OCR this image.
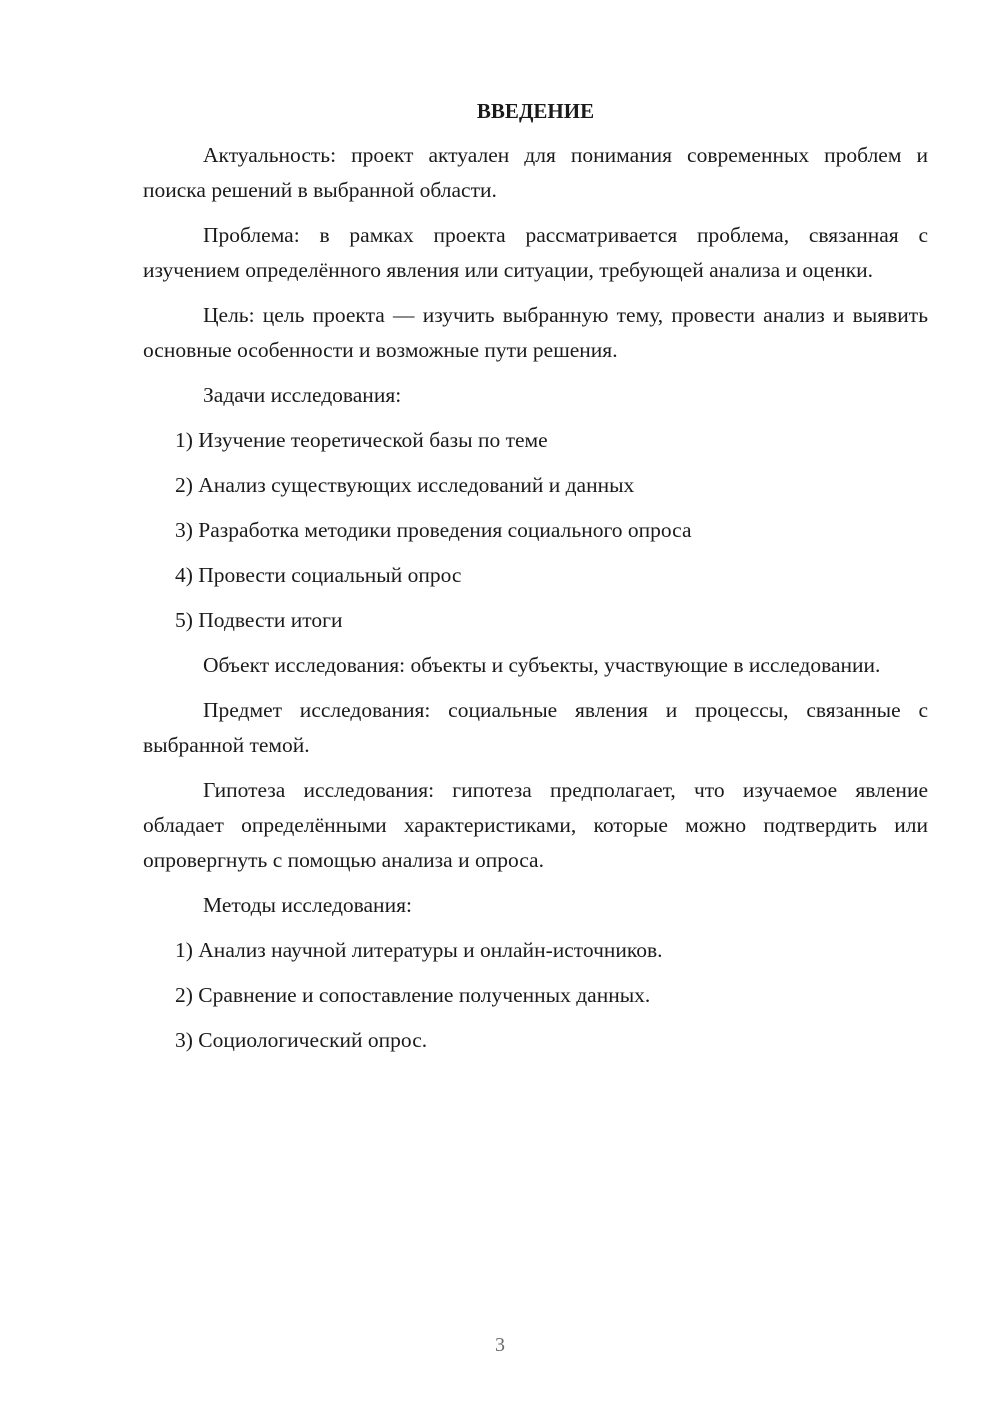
ВВЕДЕНИЕ

Актуальность: проект актуален для понимания современных проблем и поиска решений в выбранной области.

Проблема: в рамках проекта рассматривается проблема, связанная с изучением определённого явления или ситуации, требующей анализа и оценки.

Цель: цель проекта — изучить выбранную тему, провести анализ и выявить основные особенности и возможные пути решения.

Задачи исследования:

1) Изучение теоретической базы по теме
2) Анализ существующих исследований и данных
3) Разработка методики проведения социального опроса
4) Провести социальный опрос
5) Подвести итоги

Объект исследования: объекты и субъекты, участвующие в исследовании.

Предмет исследования: социальные явления и процессы, связанные с выбранной темой.

Гипотеза исследования: гипотеза предполагает, что изучаемое явление обладает определёнными характеристиками, которые можно подтвердить или опровергнуть с помощью анализа и опроса.

Методы исследования:

1) Анализ научной литературы и онлайн-источников.
2) Сравнение и сопоставление полученных данных.
3) Социологический опрос.
3
